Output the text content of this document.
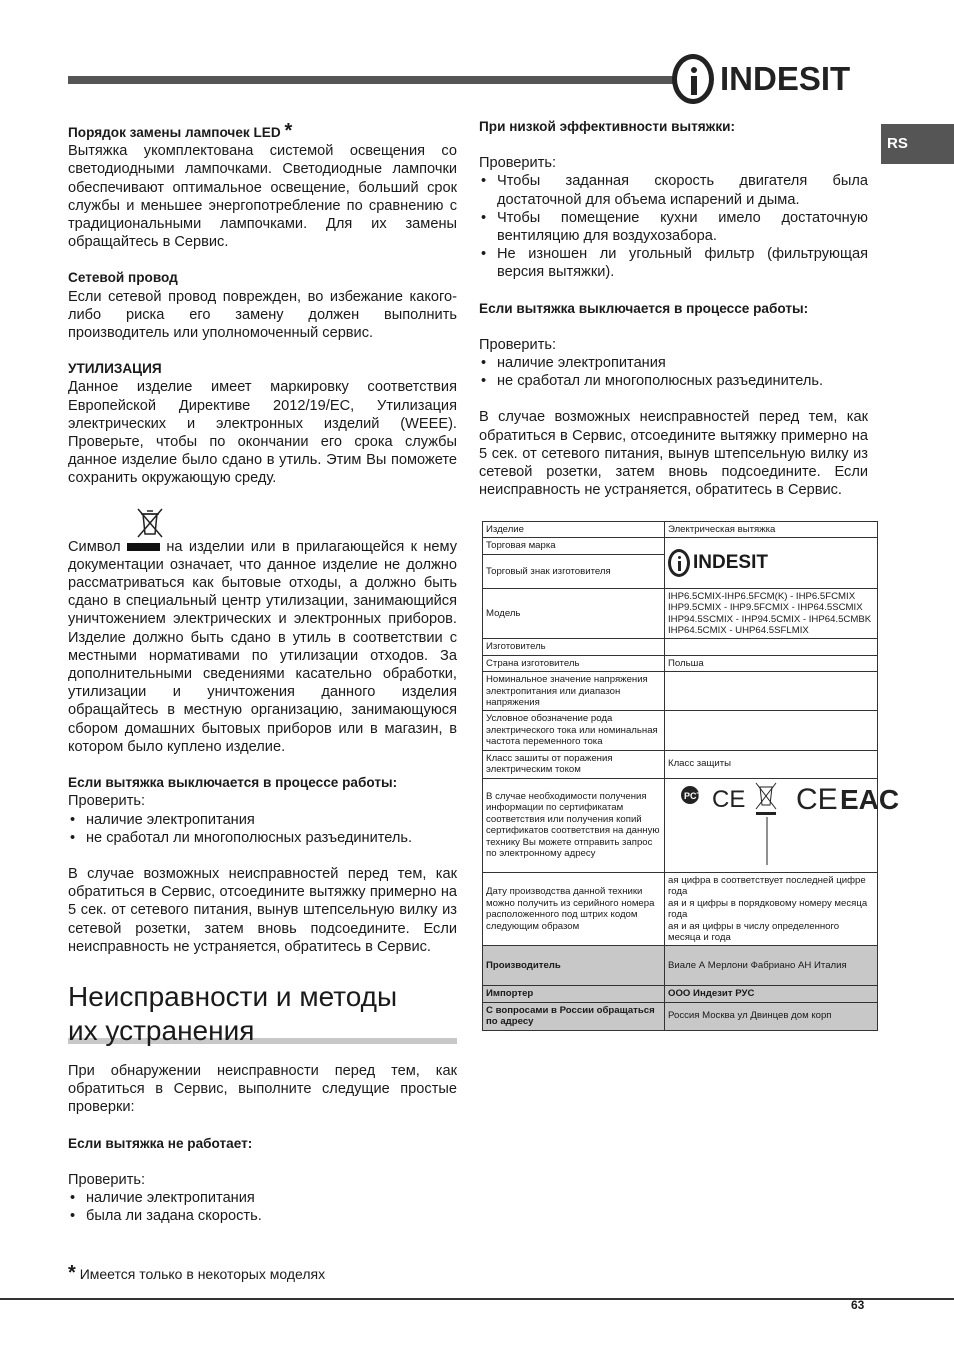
INDESIT
RS
Порядок замены лампочек LED *

Вытяжка укомплектована системой освещения со светодиодными лампочками. Светодиодные лампочки обеспечивают оптимальное освещение, больший срок службы и меньшее энергопотребление по сравнению с традициональными лампочками. Для их замены обращайтесь в Сервис.

Сетевой провод

Если сетевой провод поврежден, во избежание какого-либо риска его замену должен выполнить производитель или уполномоченный сервис.

УТИЛИЗАЦИЯ

Данное изделие имеет маркировку соответствия Европейской Директиве 2012/19/EC, Утилизация электрических и электронных изделий (WEEE). Проверьте, чтобы по окончании его срока службы данное изделие было сдано в утиль. Этим Вы поможете сохранить окружающую среду.

Символ	на изделии или в прилагающейся к нему документации означает, что данное изделие не должно рассматриваться как бытовые отходы, а должно быть сдано в специальный центр утилизации, занимающийся уничтожением электрических и электронных приборов. Изделие должно быть сдано в утиль в соответствии с местными нормативами по утилизации отходов. За дополнительными сведениями касательно обработки, утилизации и уничтожения данного изделия обращайтесь в местную организацию, занимающуюся сбором домашних бытовых приборов или в магазин, в котором было куплено изделие.

Если вытяжка выключается в процессе работы:
Проверить:
• наличие электропитания
• не сработал ли многополюсных разъединитель.

В случае возможных неисправностей перед тем, как обратиться в Сервис, отсоедините вытяжку примерно на 5 сек. от сетевого питания, вынув штепсельную вилку из сетевой розетки, затем вновь подсоедините. Если неисправность не устраняется, обратитесь в Сервис.

Неисправности и методы
их устранения

При обнаружении неисправности перед тем, как обратиться в Сервис, выполните следущие простые проверки:

Если вытяжка не работает:
Проверить:
• наличие электропитания
• была ли задана скорость.
При низкой эффективности вытяжки:
Проверить:
• Чтобы заданная скорость двигателя была достаточной для объема испарений и дыма.
• Чтобы помещение кухни имело достаточную вентиляцию для воздухозабора.
• Не изношен ли угольный фильтр (фильтрующая версия вытяжки).
Если вытяжка выключается в процессе работы:
Проверить:
• наличие электропитания
• не сработал ли многополюсных разъединитель.

В случае возможных неисправностей перед тем, как обратиться в Сервис, отсоедините вытяжку примерно на 5 сек. от сетевого питания, вынув штепсельную вилку из сетевой розетки, затем вновь подсоедините. Если неисправность не устраняется, обратитесь в Сервис.

Изделие	Электрическая вытяжка
Торговая марка	INDESIT

Торговый знак изготовителя	
Модель	IHP6.5CMIX-IHP6.5FCM(K) - IHP6.5FCMIX IHP9.5CMIX - IHP9.5FCMIX - IHP64.5SCMIX IHP94.5SCMIX - IHP94.5CMIX - IHP64.5CMBK IHP64.5CMIX - UHP64.5SFLMIX
Изготовитель	
Страна изготовитель	Польша
Номинальное значение напряжения электропитания или диапазон напряжения	
Условное обозначение рода электрического тока или номинальная частота переменного тока	
Класс зашиты от поражения электрическим током	Класс защиты
В случае необходимости получения информации по сертификатам соответствия или получения копий сертификатов соответствия на данную технику Вы можете отправить запрос по электронному адресу	PCT CE CE EAC

Дату производства данной техники можно получить из серийного номера расположенного под штрих кодом следующим образом	ая цифра в соответствует последней цифре года
ая и я цифры в порядковому номеру месяца года
ая и ая цифры в числу определенного месяца и года

Производитель	Виале А Мерлони Фабриано АН Италия
Импортер	ООО Индезит РУС
С вопросами в России обращаться по адресу	Россия Москва ул Двинцев дом корп
* Имеется только в некоторых моделях
63
